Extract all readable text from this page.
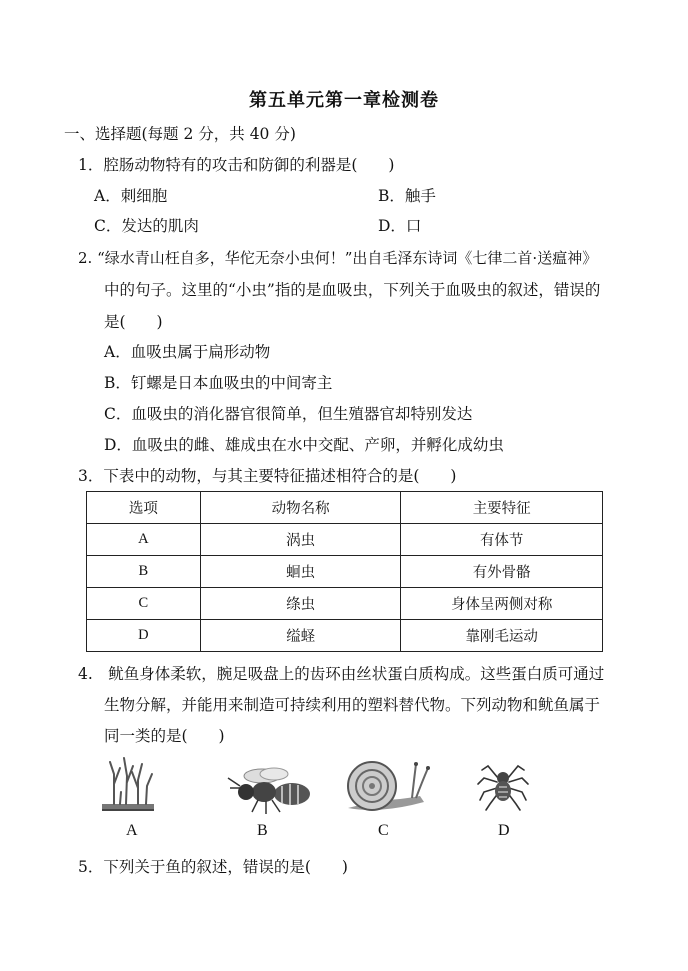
第五单元第一章检测卷
一、选择题(每题 2 分，共 40 分)
1．腔肠动物特有的攻击和防御的利器是(　　)
A．刺细胞	B．触手
C．发达的肌肉	D．口
2. “绿水青山枉自多，华佗无奈小虫何！”出自毛泽东诗词《七律二首·送瘟神》
中的句子。这里的“小虫”指的是血吸虫，下列关于血吸虫的叙述，错误的
是(　　)
A．血吸虫属于扁形动物
B．钉螺是日本血吸虫的中间寄主
C．血吸虫的消化器官很简单，但生殖器官却特别发达
D．血吸虫的雌、雄成虫在水中交配、产卵，并孵化成幼虫
3．下表中的动物，与其主要特征描述相符合的是(　　)
选项	动物名称	主要特征
A	涡虫	有体节
B	蛔虫	有外骨骼
C	绦虫	身体呈两侧对称
D	缢蛏	靠刚毛运动
4.　鱿鱼身体柔软，腕足吸盘上的齿环由丝状蛋白质构成。这些蛋白质可通过
生物分解，并能用来制造可持续利用的塑料替代物。下列动物和鱿鱼属于
同一类的是(　　)
A	B	C	D
5．下列关于鱼的叙述，错误的是(　　)
